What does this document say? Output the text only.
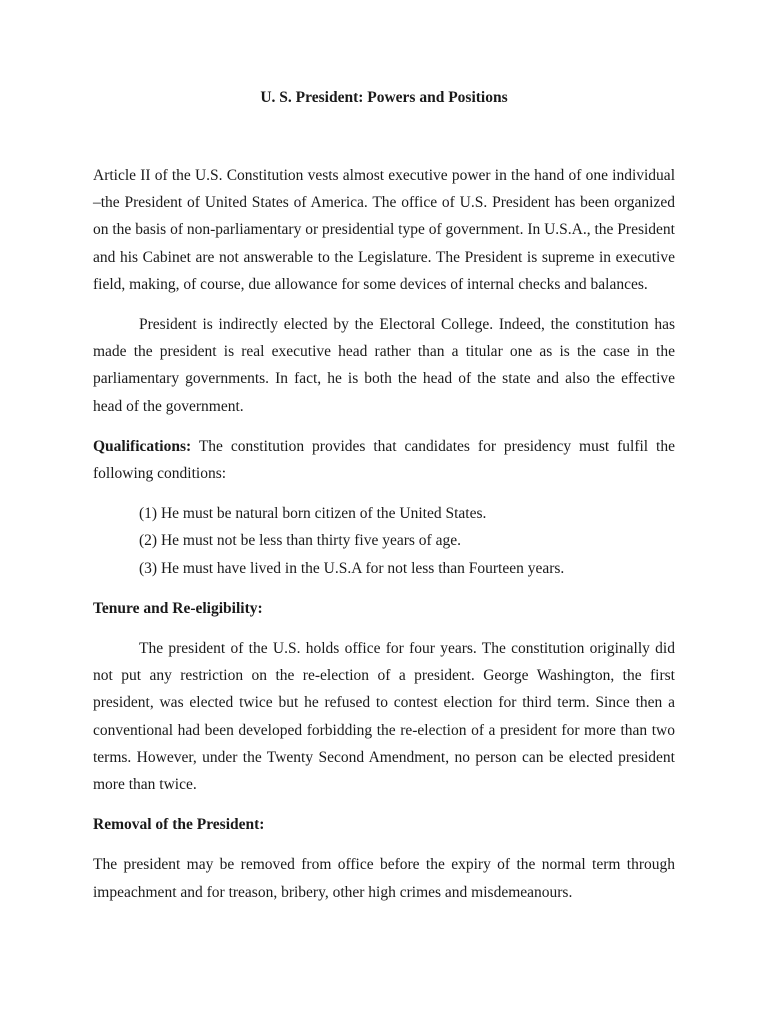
U. S. President: Powers and Positions

Article II of the U.S. Constitution vests almost executive power in the hand of one individual –the President of United States of America. The office of U.S. President has been organized on the basis of non-parliamentary or presidential type of government. In U.S.A., the President and his Cabinet are not answerable to the Legislature. The President is supreme in executive field, making, of course, due allowance for some devices of internal checks and balances.

President is indirectly elected by the Electoral College. Indeed, the constitution has made the president is real executive head rather than a titular one as is the case in the parliamentary governments. In fact, he is both the head of the state and also the effective head of the government.

Qualifications: The constitution provides that candidates for presidency must fulfil the following conditions:

(1) He must be natural born citizen of the United States.
(2) He must not be less than thirty five years of age.
(3) He must have lived in the U.S.A for not less than Fourteen years.

Tenure and Re-eligibility:

The president of the U.S. holds office for four years. The constitution originally did not put any restriction on the re-election of a president. George Washington, the first president, was elected twice but he refused to contest election for third term. Since then a conventional had been developed forbidding the re-election of a president for more than two terms. However, under the Twenty Second Amendment, no person can be elected president more than twice.

Removal of the President:

The president may be removed from office before the expiry of the normal term through impeachment and for treason, bribery, other high crimes and misdemeanours.
